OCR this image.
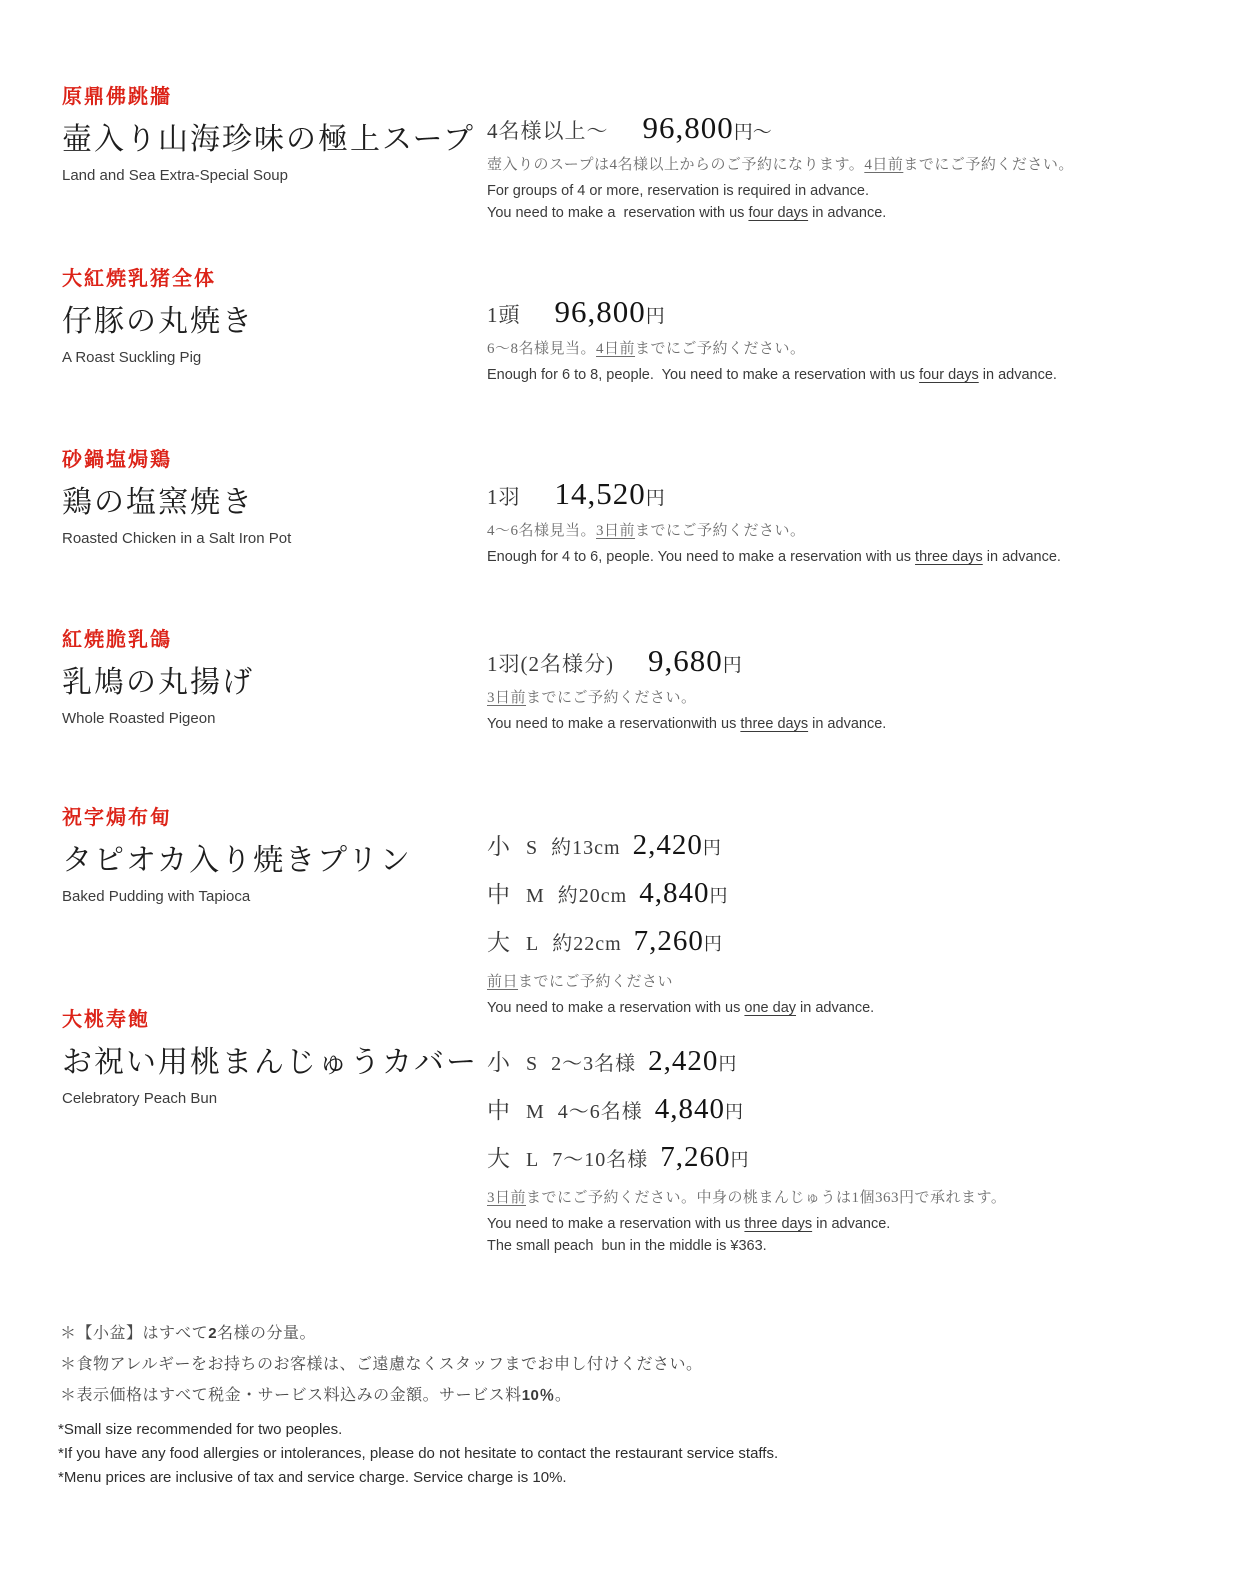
原鼎佛跳牆
壷入り山海珍味の極上スープ
Land and Sea Extra-Special Soup
4名様以上～ 96,800円～
壺入りのスープは4名様以上からのご予約になります。4日前までにご予約ください。
For groups of 4 or more, reservation is required in advance.
You need to make a  reservation with us four days in advance.
大紅焼乳猪全体
仔豚の丸焼き
A Roast Suckling Pig
1頭 96,800円
6～8名様見当。4日前までにご予約ください。
Enough for 6 to 8, people.  You need to make a reservation with us four days in advance.
砂鍋塩焗鶏
鶏の塩窯焼き
Roasted Chicken in a Salt Iron Pot
1羽 14,520円
4～6名様見当。3日前までにご予約ください。
Enough for 4 to 6, people. You need to make a reservation with us three days in advance.
紅焼脆乳鴿
乳鳩の丸揚げ
Whole Roasted Pigeon
1羽(2名様分) 9,680円
3日前までにご予約ください。
You need to make a reservationwith us three days in advance.
祝字焗布甸
タピオカ入り焼きプリン
Baked Pudding with Tapioca
小 S 約13cm 2,420円
中 M 約20cm 4,840円
大 L 約22cm 7,260円
前日までにご予約ください
You need to make a reservation with us one day in advance.
大桃寿飽
お祝い用桃まんじゅうカバー
Celebratory Peach Bun
小 S 2～3名様 2,420円
中 M 4～6名様 4,840円
大 L 7～10名様 7,260円
3日前までにご予約ください。中身の桃まんじゅうは1個363円で承れます。
You need to make a reservation with us three days in advance.
The small peach  bun in the middle is ¥363.
＊【小盆】はすべて2名様の分量。
＊食物アレルギーをお持ちのお客様は、ご遠慮なくスタッフまでお申し付けください。
＊表示価格はすべて税金・サービス料込みの金額。サービス料10％。
*Small size recommended for two peoples.
*If you have any food allergies or intolerances, please do not hesitate to contact the restaurant service staffs.
*Menu prices are inclusive of tax and service charge. Service charge is 10%.
